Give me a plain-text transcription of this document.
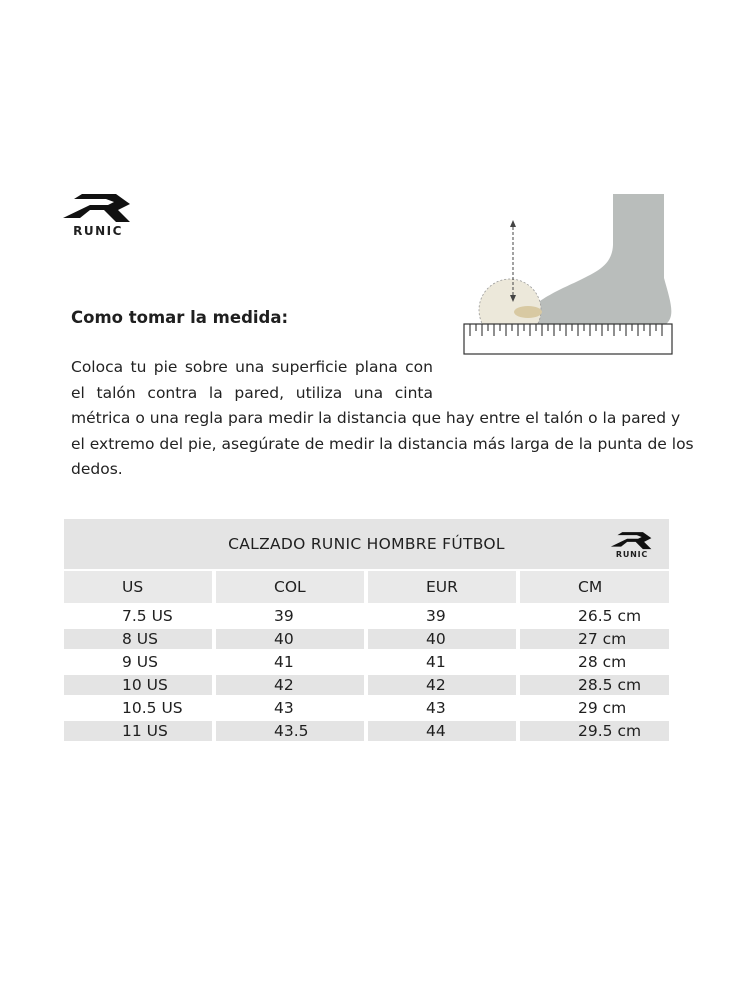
RUNIC
Como tomar la medida:
Coloca tu pie sobre una superficie plana con
el talón contra la pared, utiliza una cinta
métrica o una regla para medir la distancia que hay entre el talón o la pared y
el extremo del pie, asegúrate de medir la distancia más larga de la punta de los
dedos.
CALZADO RUNIC HOMBRE FÚTBOL
RUNIC
US	COL	EUR	CM
7.5 US	39	39	26.5 cm
8 US	40	40	27 cm
9 US	41	41	28 cm
10 US	42	42	28.5 cm
10.5 US	43	43	29 cm
11 US	43.5	44	29.5 cm
